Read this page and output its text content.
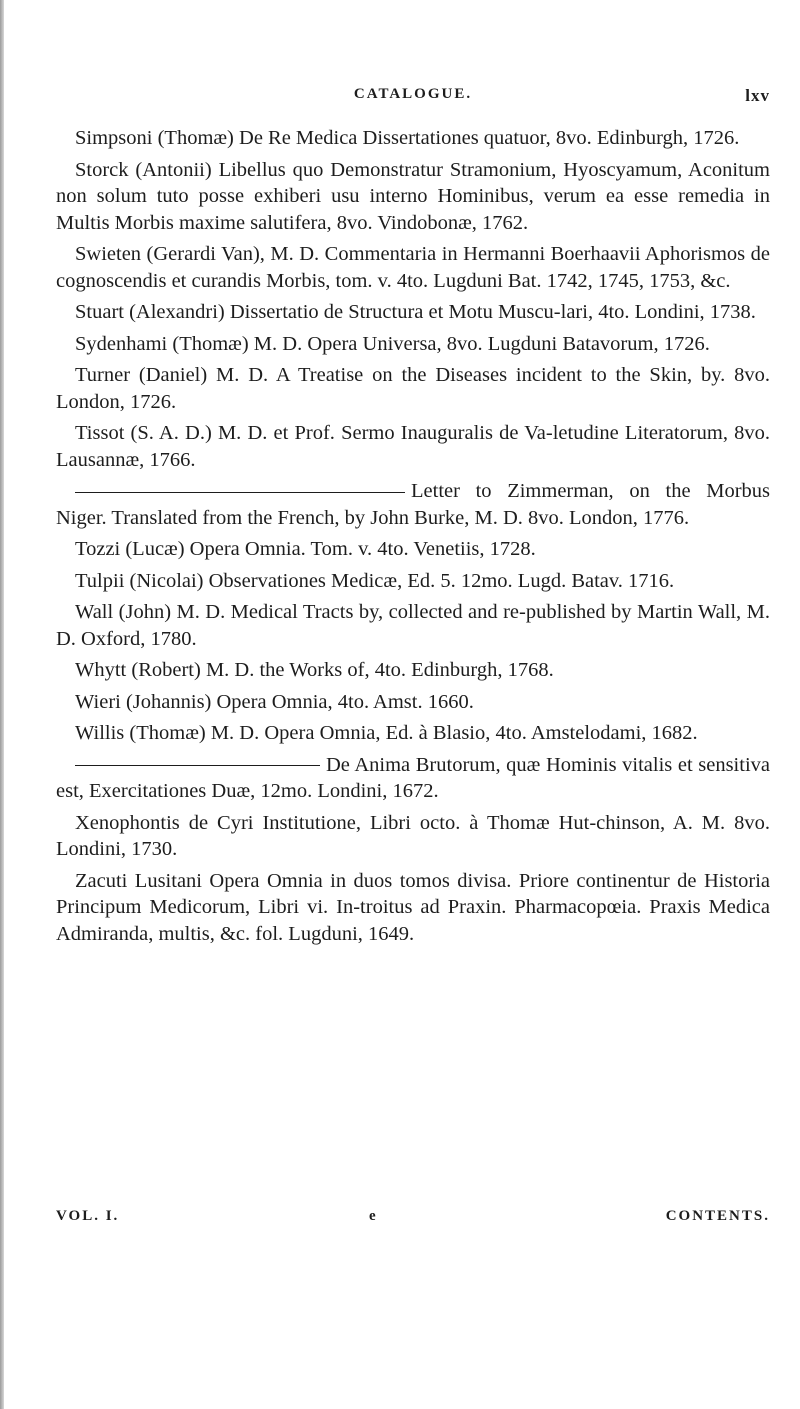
CATALOGUE.	lxv

Simpsoni (Thomæ) De Re Medica Dissertationes quatuor, 8vo. Edinburgh, 1726.

Storck (Antonii) Libellus quo Demonstratur Stramonium, Hyoscyamum, Aconitum non solum tuto posse exhiberi usu interno Hominibus, verum ea esse remedia in Multis Morbis maxime salutifera, 8vo. Vindobonæ, 1762.

Swieten (Gerardi Van), M. D. Commentaria in Hermanni Boerhaavii Aphorismos de cognoscendis et curandis Morbis, tom. v. 4to. Lugduni Bat. 1742, 1745, 1753, &c.

Stuart (Alexandri) Dissertatio de Structura et Motu Muscu-lari, 4to. Londini, 1738.

Sydenhami (Thomæ) M. D. Opera Universa, 8vo. Lugduni Batavorum, 1726.

Turner (Daniel) M. D. A Treatise on the Diseases incident to the Skin, by. 8vo. London, 1726.

Tissot (S. A. D.) M. D. et Prof. Sermo Inauguralis de Va-letudine Literatorum, 8vo. Lausannæ, 1766.

Letter to Zimmerman, on the Morbus Niger. Translated from the French, by John Burke, M. D. 8vo. London, 1776.

Tozzi (Lucæ) Opera Omnia. Tom. v. 4to. Venetiis, 1728.

Tulpii (Nicolai) Observationes Medicæ, Ed. 5. 12mo. Lugd. Batav. 1716.

Wall (John) M. D. Medical Tracts by, collected and re-published by Martin Wall, M. D. Oxford, 1780.

Whytt (Robert) M. D. the Works of, 4to. Edinburgh, 1768.

Wieri (Johannis) Opera Omnia, 4to. Amst. 1660.

Willis (Thomæ) M. D. Opera Omnia, Ed. à Blasio, 4to. Amstelodami, 1682.

De Anima Brutorum, quæ Hominis vitalis et sensitiva est, Exercitationes Duæ, 12mo. Londini, 1672.

Xenophontis de Cyri Institutione, Libri octo. à Thomæ Hut-chinson, A. M. 8vo. Londini, 1730.

Zacuti Lusitani Opera Omnia in duos tomos divisa. Priore continentur de Historia Principum Medicorum, Libri vi. In-troitus ad Praxin. Pharmacopœia. Praxis Medica Admiranda, multis, &c. fol. Lugduni, 1649.

VOL. I.	e	CONTENTS.
